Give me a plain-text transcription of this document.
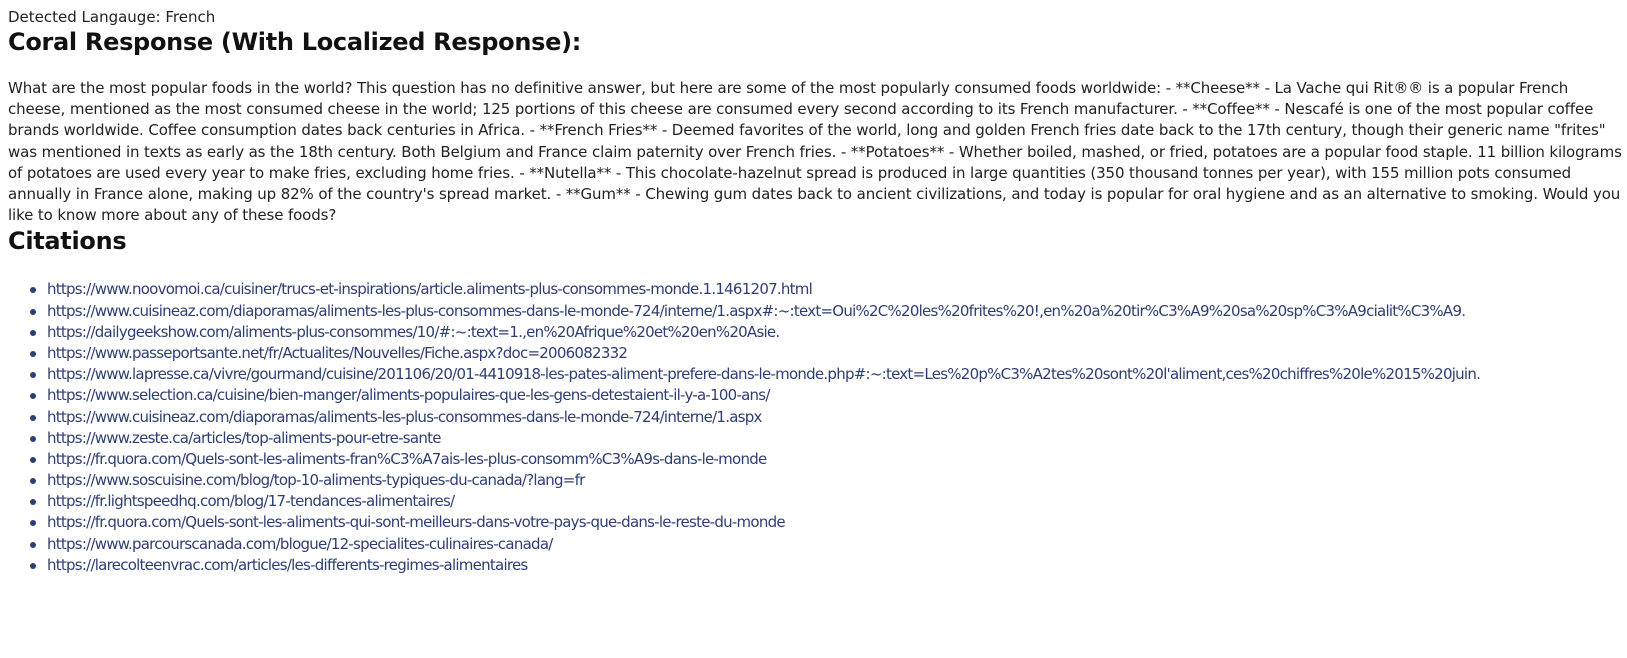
Detected Langauge: French

Coral Response (With Localized Response):

What are the most popular foods in the world? This question has no definitive answer, but here are some of the most popularly consumed foods worldwide: - **Cheese** - La Vache qui Rit®® is a popular French cheese, mentioned as the most consumed cheese in the world; 125 portions of this cheese are consumed every second according to its French manufacturer. - **Coffee** - Nescafé is one of the most popular coffee brands worldwide. Coffee consumption dates back centuries in Africa. - **French Fries** - Deemed favorites of the world, long and golden French fries date back to the 17th century, though their generic name "frites" was mentioned in texts as early as the 18th century. Both Belgium and France claim paternity over French fries. - **Potatoes** - Whether boiled, mashed, or fried, potatoes are a popular food staple. 11 billion kilograms of potatoes are used every year to make fries, excluding home fries. - **Nutella** - This chocolate-hazelnut spread is produced in large quantities (350 thousand tonnes per year), with 155 million pots consumed annually in France alone, making up 82% of the country's spread market. - **Gum** - Chewing gum dates back to ancient civilizations, and today is popular for oral hygiene and as an alternative to smoking. Would you like to know more about any of these foods?

Citations
https://www.noovomoi.ca/cuisiner/trucs-et-inspirations/article.aliments-plus-consommes-monde.1.1461207.html
https://www.cuisineaz.com/diaporamas/aliments-les-plus-consommes-dans-le-monde-724/interne/1.aspx#:~:text=Oui%2C%20les%20frites%20!,en%20a%20tir%C3%A9%20sa%20sp%C3%A9cialit%C3%A9.
https://dailygeekshow.com/aliments-plus-consommes/10/#:~:text=1.,en%20Afrique%20et%20en%20Asie.
https://www.passeportsante.net/fr/Actualites/Nouvelles/Fiche.aspx?doc=2006082332
https://www.lapresse.ca/vivre/gourmand/cuisine/201106/20/01-4410918-les-pates-aliment-prefere-dans-le-monde.php#:~:text=Les%20p%C3%A2tes%20sont%20l'aliment,ces%20chiffres%20le%2015%20juin.
https://www.selection.ca/cuisine/bien-manger/aliments-populaires-que-les-gens-detestaient-il-y-a-100-ans/
https://www.cuisineaz.com/diaporamas/aliments-les-plus-consommes-dans-le-monde-724/interne/1.aspx
https://www.zeste.ca/articles/top-aliments-pour-etre-sante
https://fr.quora.com/Quels-sont-les-aliments-fran%C3%A7ais-les-plus-consomm%C3%A9s-dans-le-monde
https://www.soscuisine.com/blog/top-10-aliments-typiques-du-canada/?lang=fr
https://fr.lightspeedhq.com/blog/17-tendances-alimentaires/
https://fr.quora.com/Quels-sont-les-aliments-qui-sont-meilleurs-dans-votre-pays-que-dans-le-reste-du-monde
https://www.parcourscanada.com/blogue/12-specialites-culinaires-canada/
https://larecolteenvrac.com/articles/les-differents-regimes-alimentaires
